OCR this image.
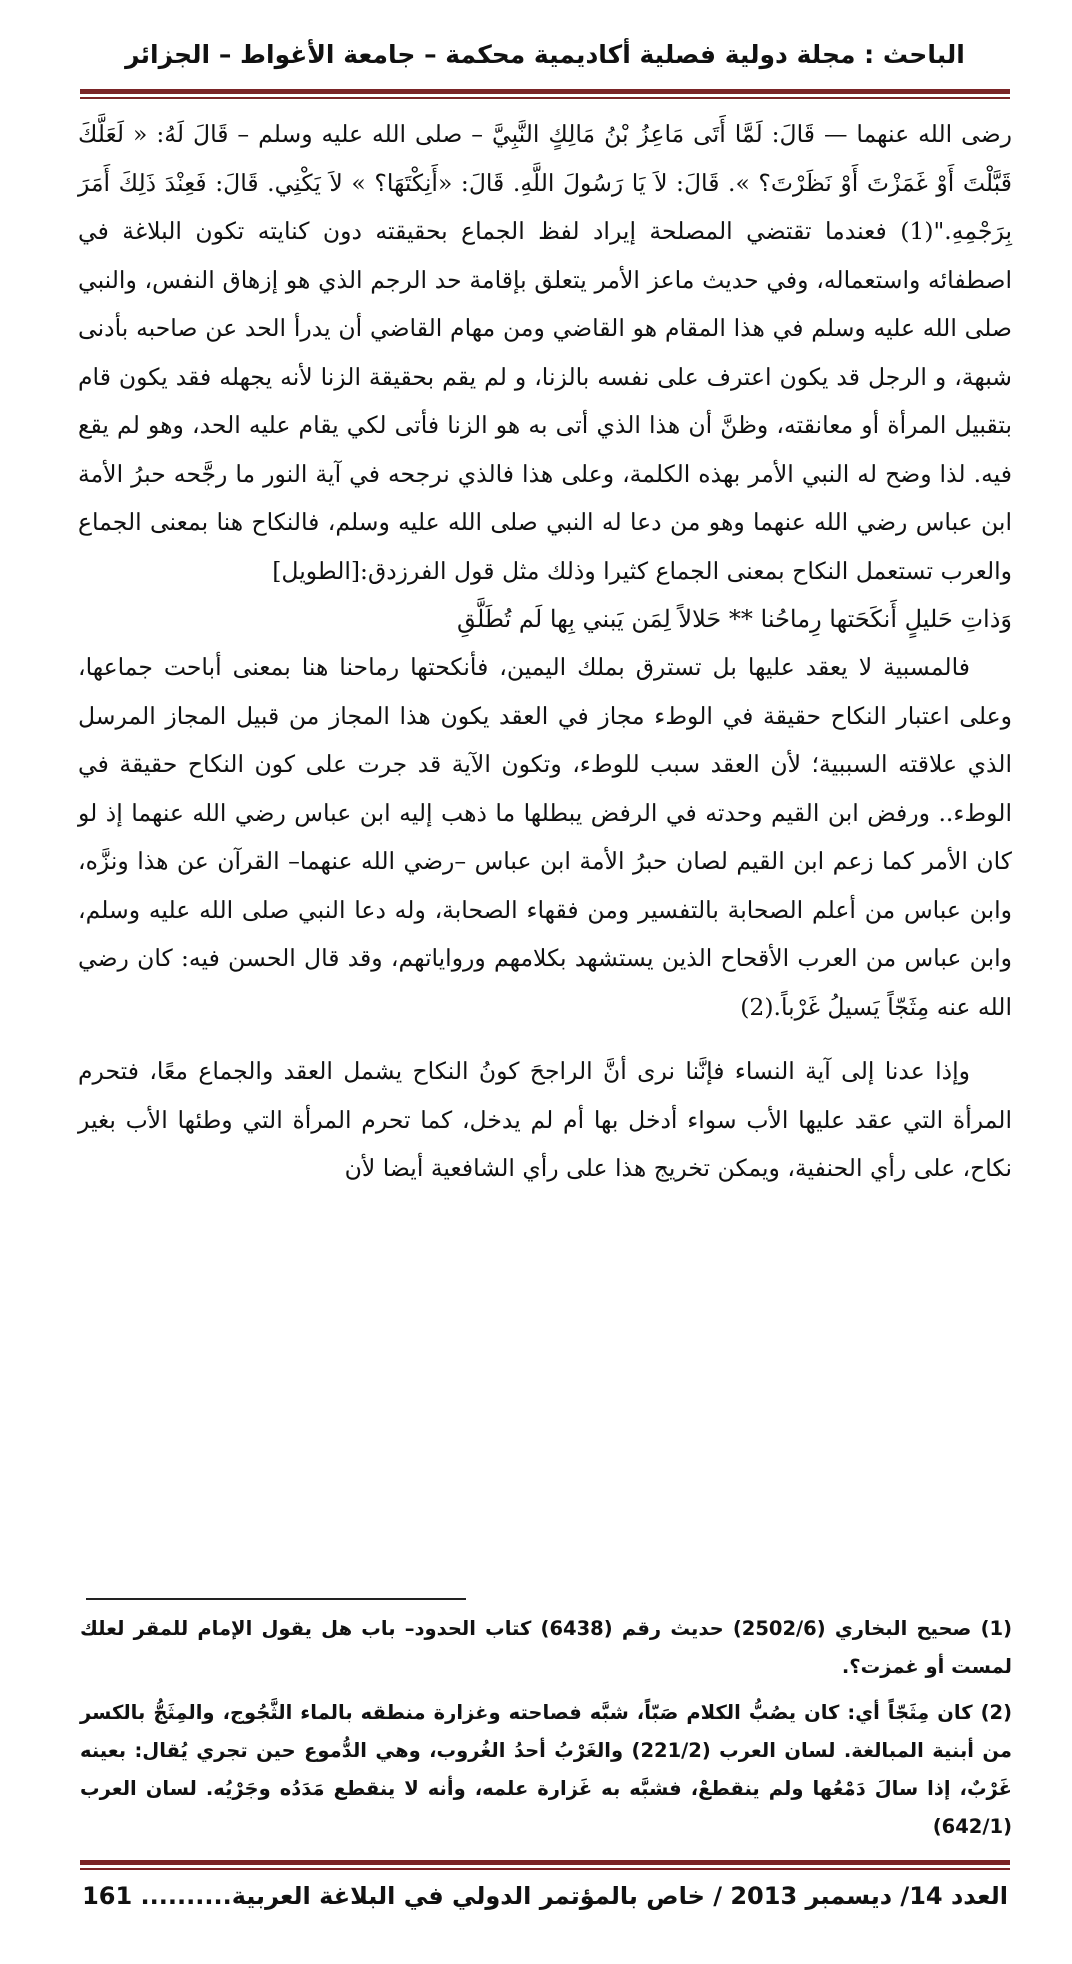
الباحث : مجلة دولية فصلية أكاديمية محكمة – جامعة الأغواط – الجزائر

رضى الله عنهما — قَالَ: لَمَّا أَتَى مَاعِزُ بْنُ مَالِكٍ النَّبِيَّ – صلى الله عليه وسلم – قَالَ لَهُ: « لَعَلَّكَ قَبَّلْتَ أَوْ غَمَزْتَ أَوْ نَظَرْتَ؟ ». قَالَ: لاَ يَا رَسُولَ اللَّهِ. قَالَ: «أَنِكْتَهَا؟ » لاَ يَكْنِي. قَالَ: فَعِنْدَ ذَلِكَ أَمَرَ بِرَجْمِهِ."(1) فعندما تقتضي المصلحة إيراد لفظ الجماع بحقيقته دون كنايته تكون البلاغة في اصطفائه واستعماله، وفي حديث ماعز الأمر يتعلق بإقامة حد الرجم الذي هو إزهاق النفس، والنبي صلى الله عليه وسلم في هذا المقام هو القاضي ومن مهام القاضي أن يدرأ الحد عن صاحبه بأدنى شبهة، و الرجل قد يكون اعترف على نفسه بالزنا، و لم يقم بحقيقة الزنا لأنه يجهله فقد يكون قام بتقبيل المرأة أو معانقته، وظنَّ أن هذا الذي أتى به هو الزنا فأتى لكي يقام عليه الحد، وهو لم يقع فيه. لذا وضح له النبي الأمر بهذه الكلمة، وعلى هذا فالذي نرجحه في آية النور ما رجَّحه حبرُ الأمة ابن عباس رضي الله عنهما وهو من دعا له النبي صلى الله عليه وسلم، فالنكاح هنا بمعنى الجماع والعرب تستعمل النكاح بمعنى الجماع كثيرا وذلك مثل قول الفرزدق:[الطويل]

وَذاتِ حَليلٍ أَنكَحَتها رِماحُنا ** حَلالاً لِمَن يَبني بِها لَم تُطَلَّقِ

فالمسبية لا يعقد عليها بل تسترق بملك اليمين، فأنكحتها رماحنا هنا بمعنى أباحت جماعها، وعلى اعتبار النكاح حقيقة في الوطء مجاز في العقد يكون هذا المجاز من قبيل المجاز المرسل الذي علاقته السببية؛ لأن العقد سبب للوطء، وتكون الآية قد جرت على كون النكاح حقيقة في الوطء.. ورفض ابن القيم وحدته في الرفض يبطلها ما ذهب إليه ابن عباس رضي الله عنهما إذ لو كان الأمر كما زعم ابن القيم لصان حبرُ الأمة ابن عباس –رضي الله عنهما– القرآن عن هذا ونزَّه، وابن عباس من أعلم الصحابة بالتفسير ومن فقهاء الصحابة، وله دعا النبي صلى الله عليه وسلم، وابن عباس من العرب الأقحاح الذين يستشهد بكلامهم ورواياتهم، وقد قال الحسن فيه: كان رضي الله عنه مِثَجّاً يَسيلُ غَرْباً.(2)

وإذا عدنا إلى آية النساء فإنَّنا نرى أنَّ الراجحَ كونُ النكاح يشمل العقد والجماع معًا، فتحرم المرأة التي عقد عليها الأب سواء أدخل بها أم لم يدخل، كما تحرم المرأة التي وطئها الأب بغير نكاح، على رأي الحنفية، ويمكن تخريج هذا على رأي الشافعية أيضا لأن

(1) صحيح البخاري (2502/6) حديث رقم (6438) كتاب الحدود– باب هل يقول الإمام للمقر لعلك لمست أو غمزت؟.

(2) كان مِثَجّاً أي: كان يصُبُّ الكلام صَبّاً، شبَّه فصاحته وغزارة منطقه بالماء الثَّجُوج، والمِثَجُّ بالكسر من أبنية المبالغة. لسان العرب (221/2) والغَرْبُ أحدُ الغُروب، وهي الدُّموع حين تجري يُقال: بعينه غَرْبٌ، إذا سالَ دَمْعُها ولم ينقطعْ، فشبَّه به غَزارة علمه، وأنه لا ينقطع مَدَدُه وجَرْيُه. لسان العرب (642/1)

العدد 14/ ديسمبر 2013 / خاص بالمؤتمر الدولي في البلاغة العربية.......... 161
